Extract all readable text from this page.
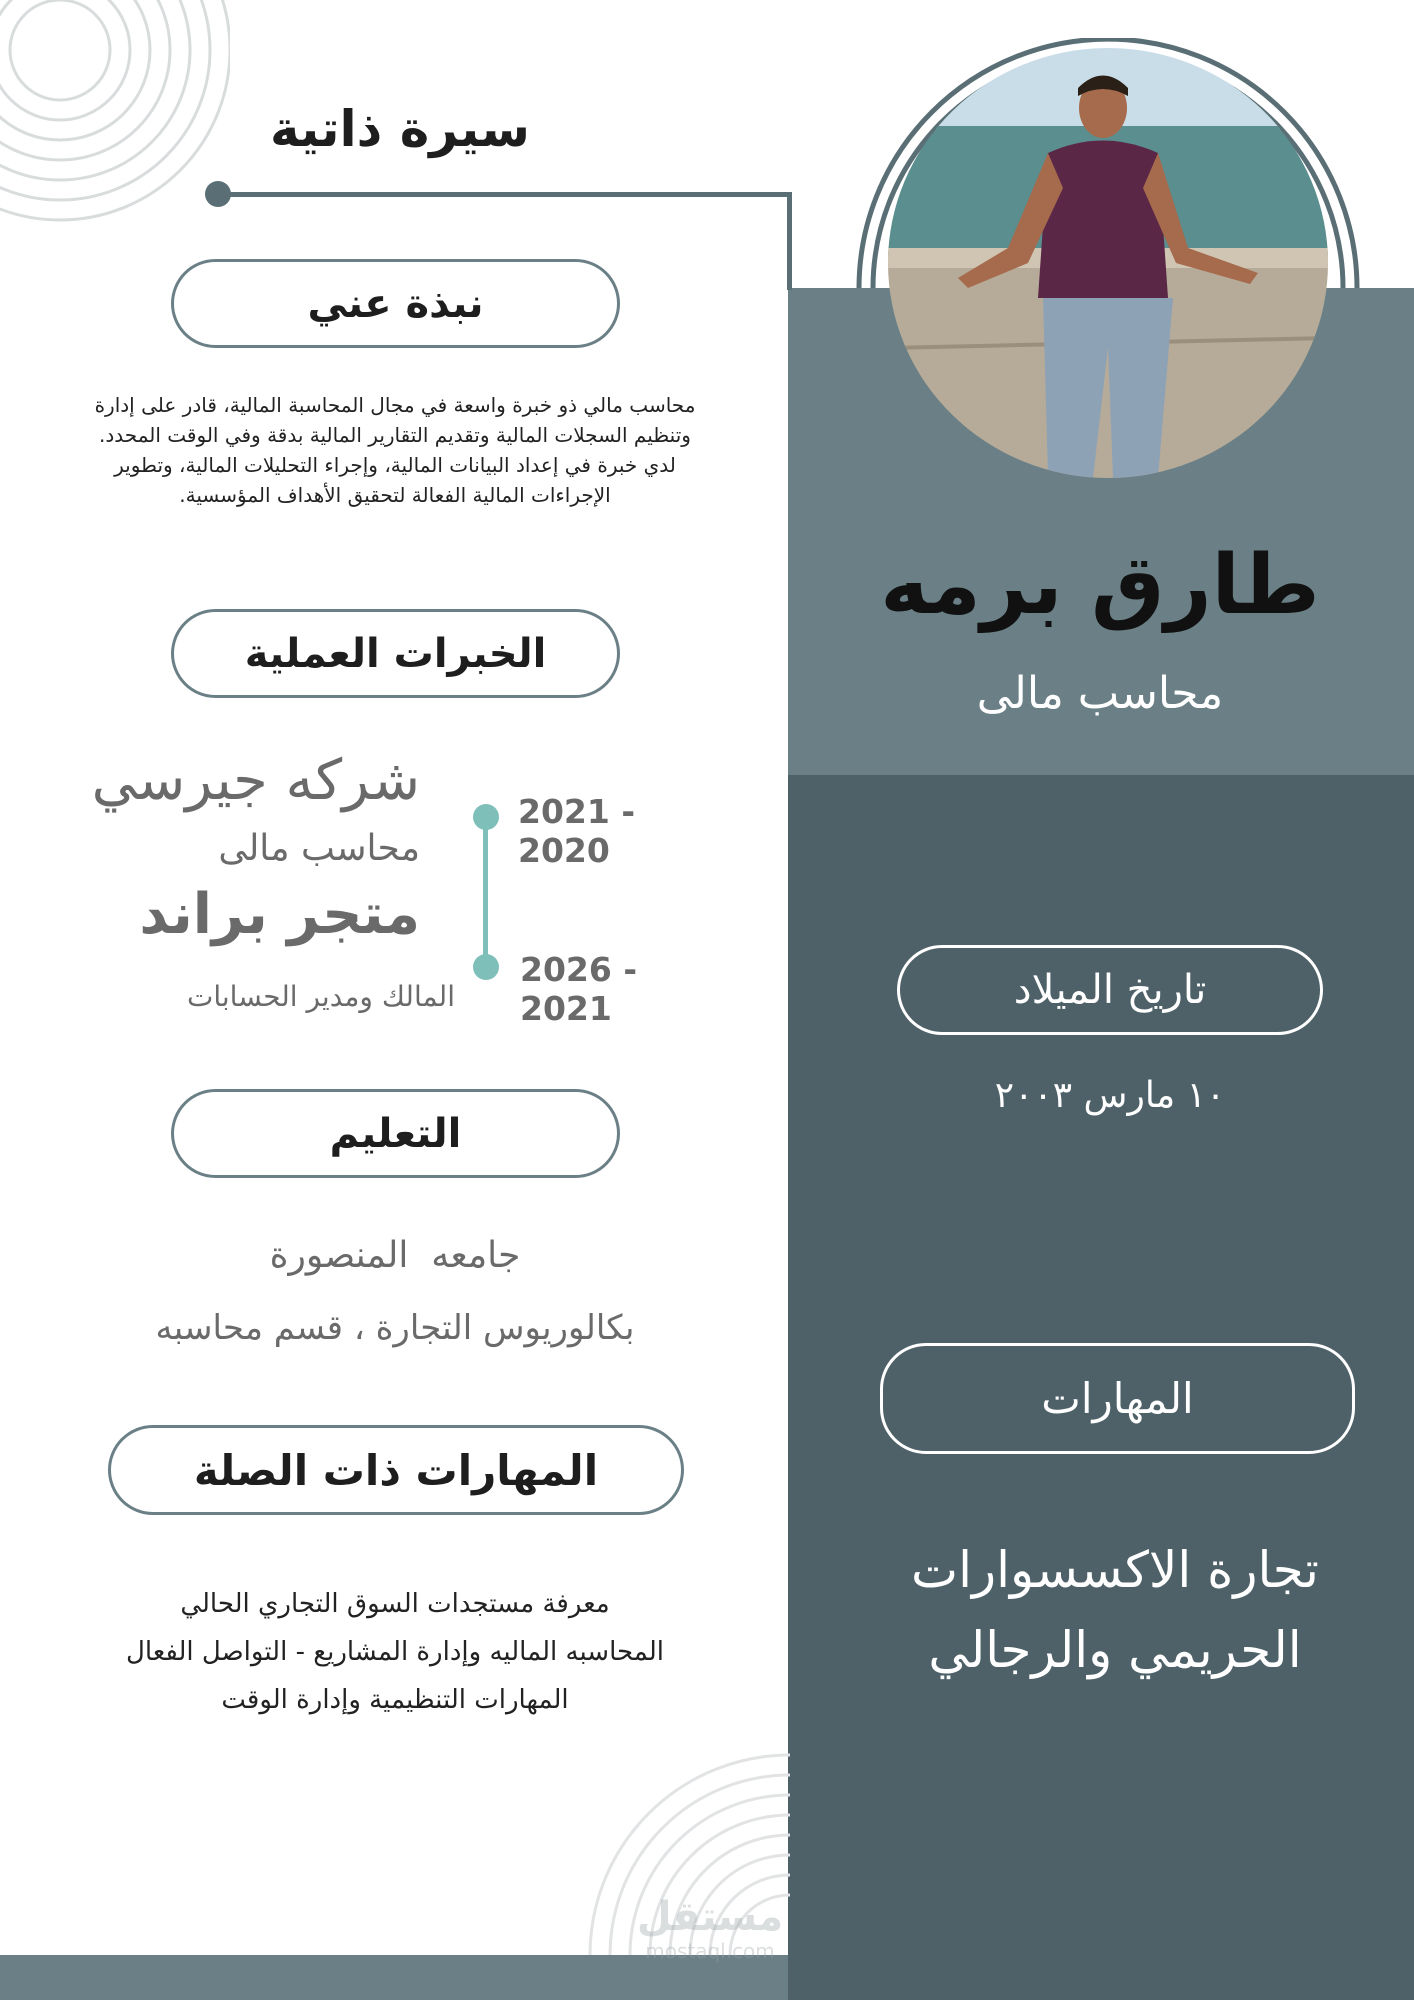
سيرة ذاتية
نبذة عني
محاسب مالي ذو خبرة واسعة في مجال المحاسبة المالية، قادر على إدارة
وتنظيم السجلات المالية وتقديم التقارير المالية بدقة وفي الوقت المحدد.
لدي خبرة في إعداد البيانات المالية، وإجراء التحليلات المالية، وتطوير
الإجراءات المالية الفعالة لتحقيق الأهداف المؤسسية.
الخبرات العملية
شركه جيرسي
محاسب مالى
متجر براند
المالك ومدير الحسابات
2021 - 2020
2026 - 2021
التعليم
جامعه  المنصورة
بكالوريوس التجارة ، قسم محاسبه
المهارات ذات الصلة
معرفة مستجدات السوق التجاري الحالي
المحاسبه الماليه وإدارة المشاريع - التواصل الفعال
المهارات التنظيمية وإدارة الوقت
طارق برمه
محاسب مالى
تاريخ الميلاد
١٠ مارس ٢٠٠٣
المهارات
تجارة الاكسسوارات
الحريمي والرجالي
مستقل
mostaql.com
